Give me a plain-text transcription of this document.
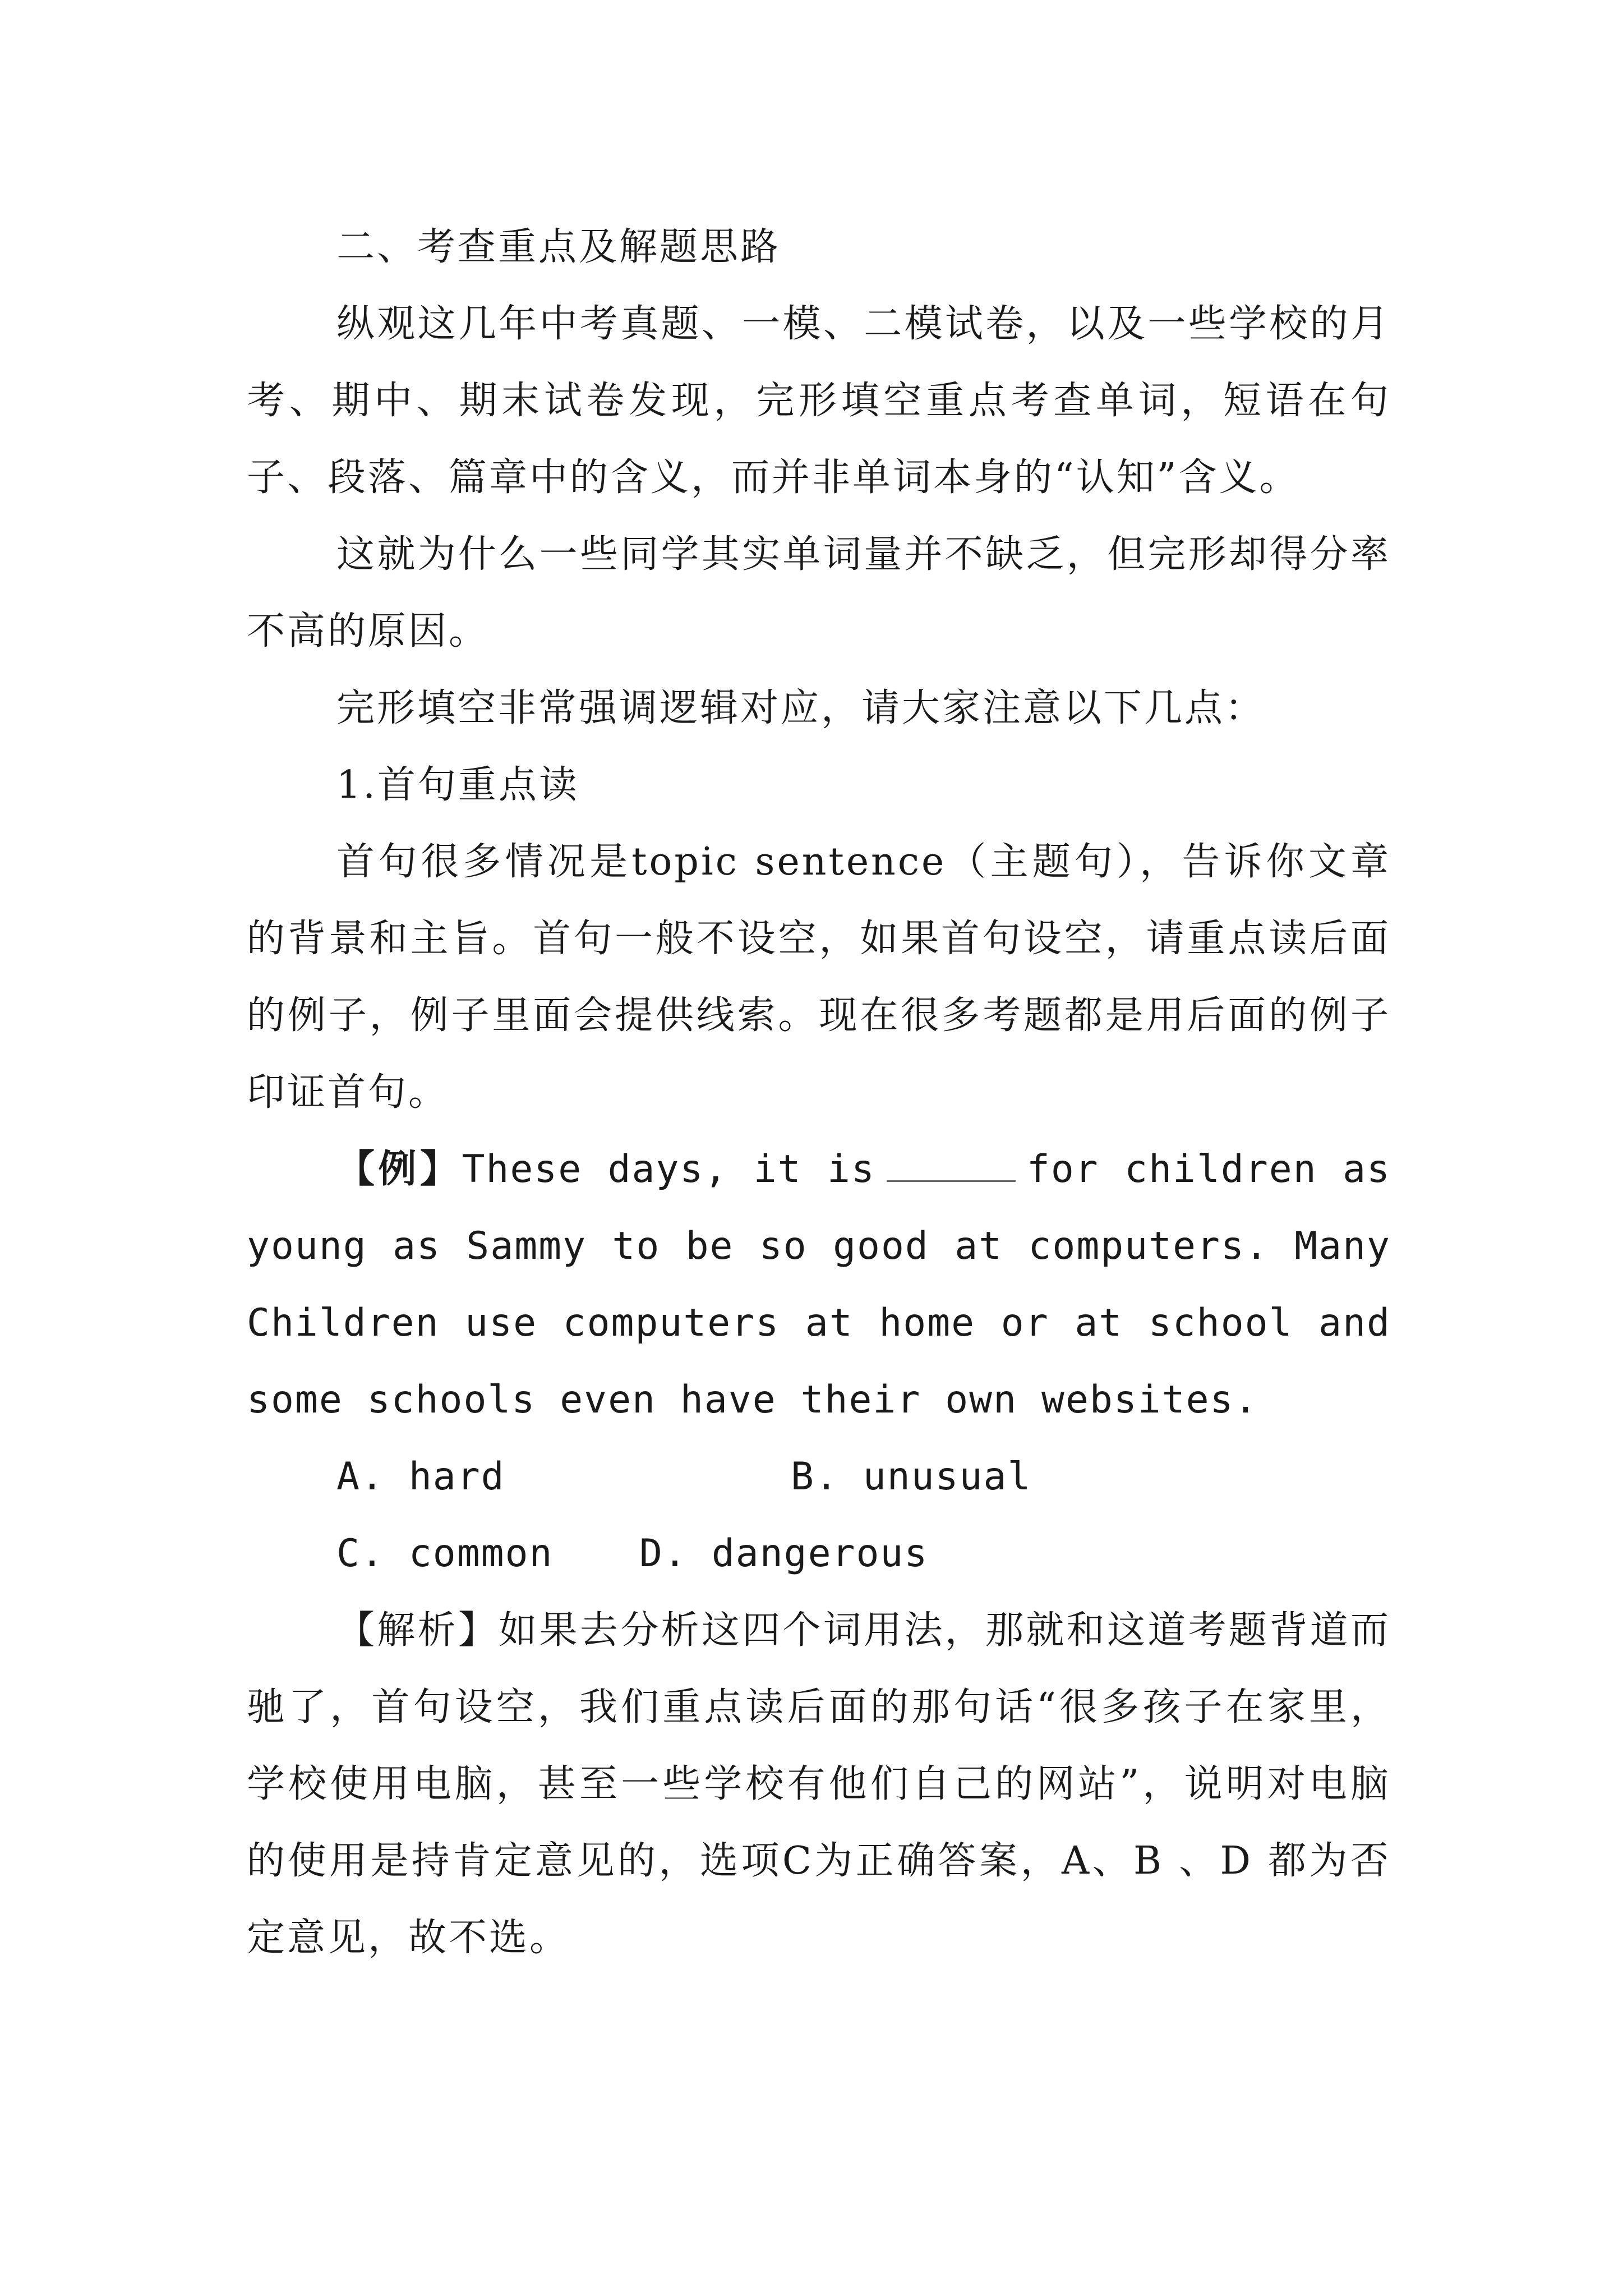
二、考查重点及解题思路

纵观这几年中考真题、一模、二模试卷，以及一些学校的月考、期中、期末试卷发现，完形填空重点考查单词，短语在句子、段落、篇章中的含义，而并非单词本身的“认知”含义。

这就为什么一些同学其实单词量并不缺乏，但完形却得分率不高的原因。

完形填空非常强调逻辑对应，请大家注意以下几点：

1.首句重点读

首句很多情况是topic sentence（主题句），告诉你文章的背景和主旨。首句一般不设空，如果首句设空，请重点读后面的例子，例子里面会提供线索。现在很多考题都是用后面的例子印证首句。

【例】These days, it is	for children as young as Sammy to be so good at computers. Many Children use computers at home or at school and some schools even have their own websites.

A. hard	B. unusual
C. common D. dangerous

【解析】如果去分析这四个词用法，那就和这道考题背道而驰了，首句设空，我们重点读后面的那句话“很多孩子在家里，学校使用电脑，甚至一些学校有他们自己的网站”，说明对电脑的使用是持肯定意见的，选项C为正确答案，A、B 、D 都为否定意见，故不选。
